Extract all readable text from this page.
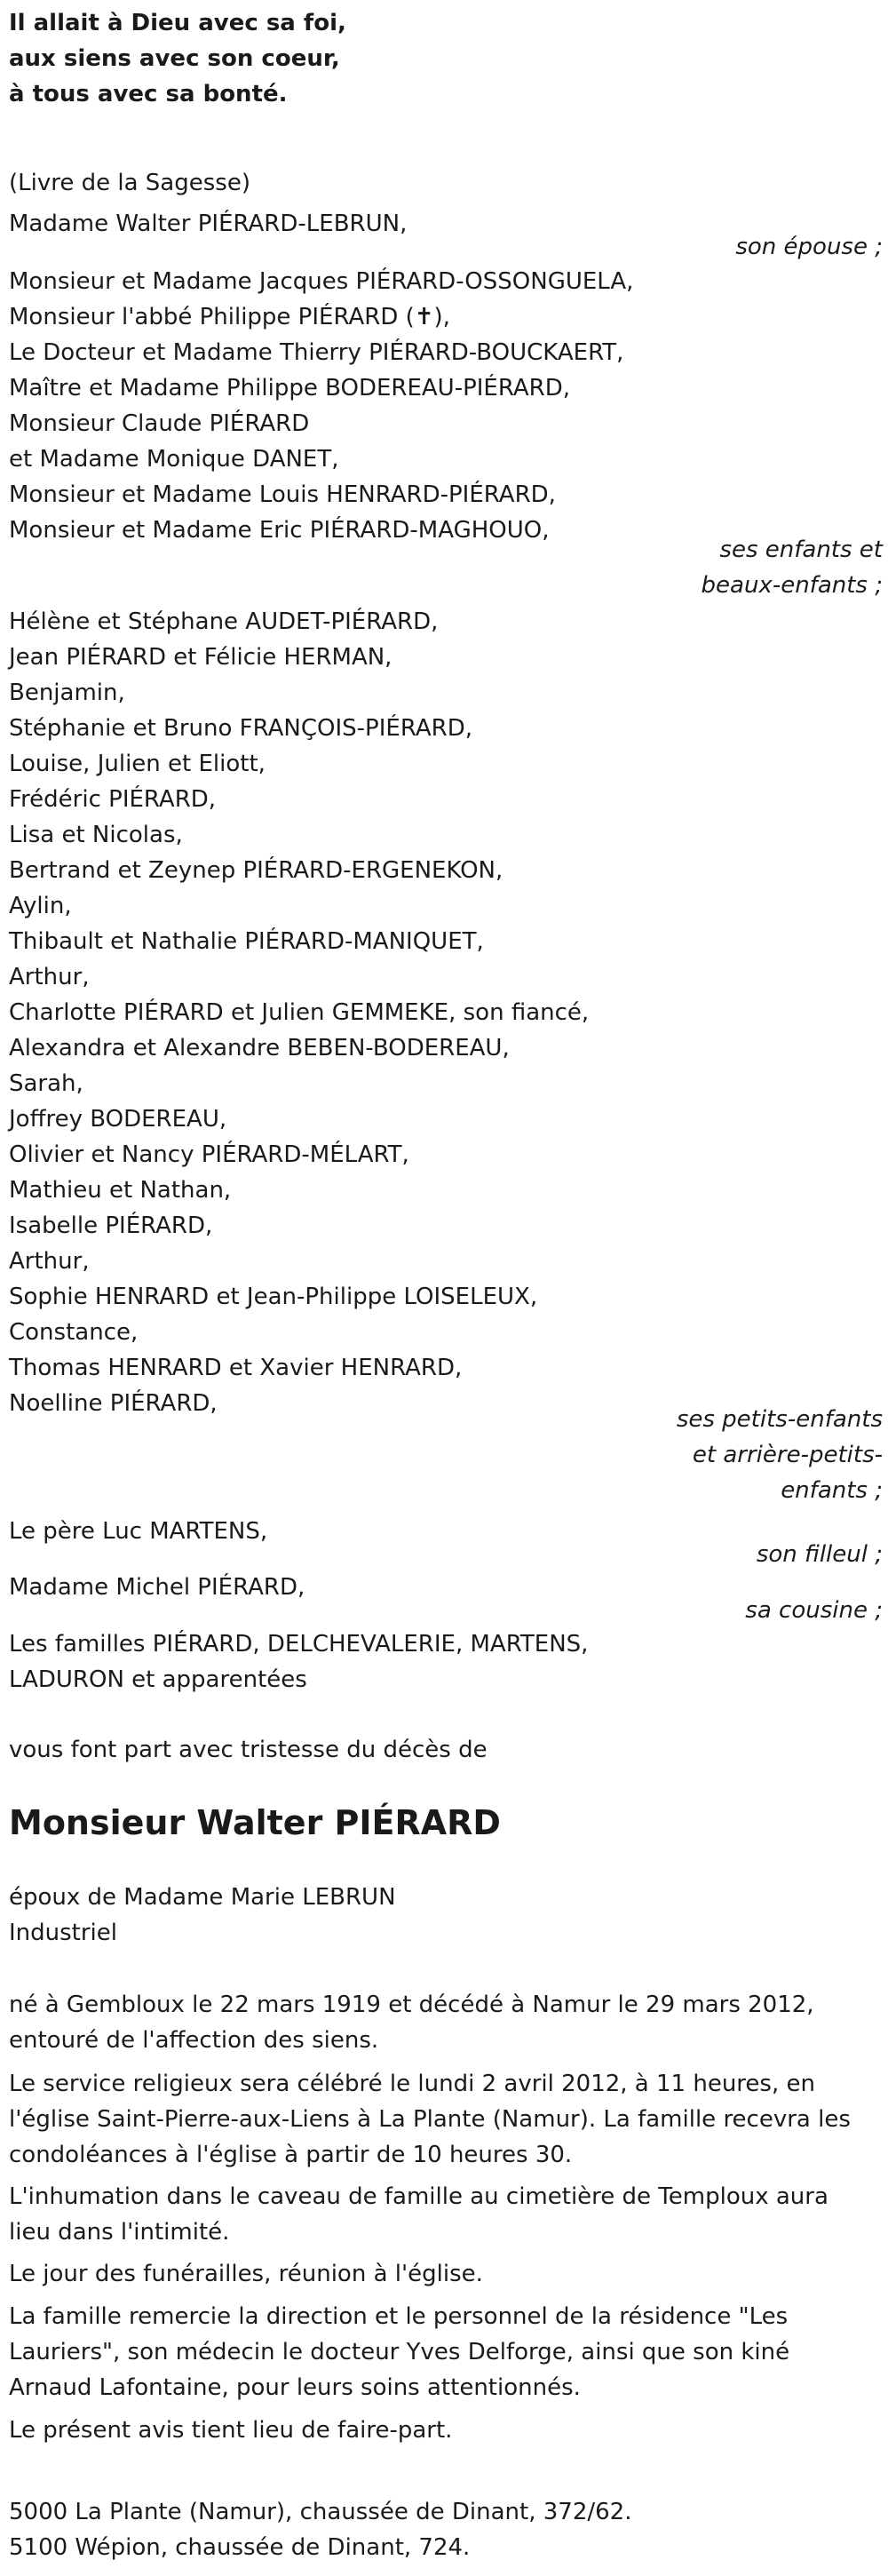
Il allait à Dieu avec sa foi,
aux siens avec son coeur,
à tous avec sa bonté.
(Livre de la Sagesse)
Madame Walter PIÉRARD-LEBRUN,
son épouse ;
Monsieur et Madame Jacques PIÉRARD-OSSONGUELA,
Monsieur l'abbé Philippe PIÉRARD (✝),
Le Docteur et Madame Thierry PIÉRARD-BOUCKAERT,
Maître et Madame Philippe BODEREAU-PIÉRARD,
Monsieur Claude PIÉRARD
et Madame Monique DANET,
Monsieur et Madame Louis HENRARD-PIÉRARD,
Monsieur et Madame Eric PIÉRARD-MAGHOUO,
ses enfants et
beaux-enfants ;
Hélène et Stéphane AUDET-PIÉRARD,
Jean PIÉRARD et Félicie HERMAN,
Benjamin,
Stéphanie et Bruno FRANÇOIS-PIÉRARD,
Louise, Julien et Eliott,
Frédéric PIÉRARD,
Lisa et Nicolas,
Bertrand et Zeynep PIÉRARD-ERGENEKON,
Aylin,
Thibault et Nathalie PIÉRARD-MANIQUET,
Arthur,
Charlotte PIÉRARD et Julien GEMMEKE, son fiancé,
Alexandra et Alexandre BEBEN-BODEREAU,
Sarah,
Joffrey BODEREAU,
Olivier et Nancy PIÉRARD-MÉLART,
Mathieu et Nathan,
Isabelle PIÉRARD,
Arthur,
Sophie HENRARD et Jean-Philippe LOISELEUX,
Constance,
Thomas HENRARD et Xavier HENRARD,
Noelline PIÉRARD,
ses petits-enfants
et arrière-petits-
enfants ;
Le père Luc MARTENS,
son filleul ;
Madame Michel PIÉRARD,
sa cousine ;
Les familles PIÉRARD, DELCHEVALERIE, MARTENS,
LADURON et apparentées
vous font part avec tristesse du décès de
Monsieur Walter PIÉRARD
époux de Madame Marie LEBRUN
Industriel
né à Gembloux le 22 mars 1919 et décédé à Namur le 29 mars 2012,
entouré de l'affection des siens.
Le service religieux sera célébré le lundi 2 avril 2012, à 11 heures, en
l'église Saint-Pierre-aux-Liens à La Plante (Namur). La famille recevra les
condoléances à l'église à partir de 10 heures 30.
L'inhumation dans le caveau de famille au cimetière de Temploux aura
lieu dans l'intimité.
Le jour des funérailles, réunion à l'église.
La famille remercie la direction et le personnel de la résidence "Les
Lauriers", son médecin le docteur Yves Delforge, ainsi que son kiné
Arnaud Lafontaine, pour leurs soins attentionnés.
Le présent avis tient lieu de faire-part.
5000 La Plante (Namur), chaussée de Dinant, 372/62.
5100 Wépion, chaussée de Dinant, 724.
